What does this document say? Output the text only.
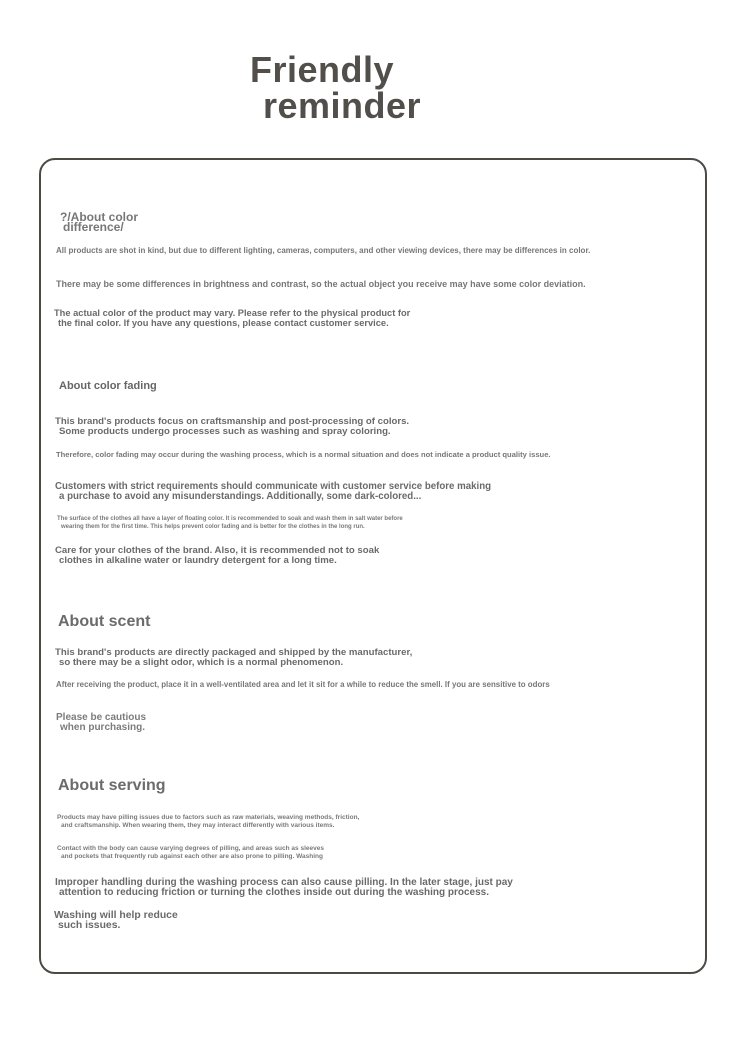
Friendly
reminder
?/About color
difference/
All products are shot in kind, but due to different lighting, cameras, computers, and other viewing devices, there may be differences in color.
There may be some differences in brightness and contrast, so the actual object you receive may have some color deviation.
The actual color of the product may vary. Please refer to the physical product for
the final color. If you have any questions, please contact customer service.
About color fading
This brand's products focus on craftsmanship and post-processing of colors.
Some products undergo processes such as washing and spray coloring.
Therefore, color fading may occur during the washing process, which is a normal situation and does not indicate a product quality issue.
Customers with strict requirements should communicate with customer service before making
a purchase to avoid any misunderstandings. Additionally, some dark-colored...
The surface of the clothes all have a layer of floating color. It is recommended to soak and wash them in salt water before
wearing them for the first time. This helps prevent color fading and is better for the clothes in the long run.
Care for your clothes of the brand. Also, it is recommended not to soak
clothes in alkaline water or laundry detergent for a long time.
About scent
This brand's products are directly packaged and shipped by the manufacturer,
so there may be a slight odor, which is a normal phenomenon.
After receiving the product, place it in a well-ventilated area and let it sit for a while to reduce the smell. If you are sensitive to odors
Please be cautious
when purchasing.
About serving
Products may have pilling issues due to factors such as raw materials, weaving methods, friction,
and craftsmanship. When wearing them, they may interact differently with various items.
Contact with the body can cause varying degrees of pilling, and areas such as sleeves
and pockets that frequently rub against each other are also prone to pilling. Washing
Improper handling during the washing process can also cause pilling. In the later stage, just pay
attention to reducing friction or turning the clothes inside out during the washing process.
Washing will help reduce
such issues.
